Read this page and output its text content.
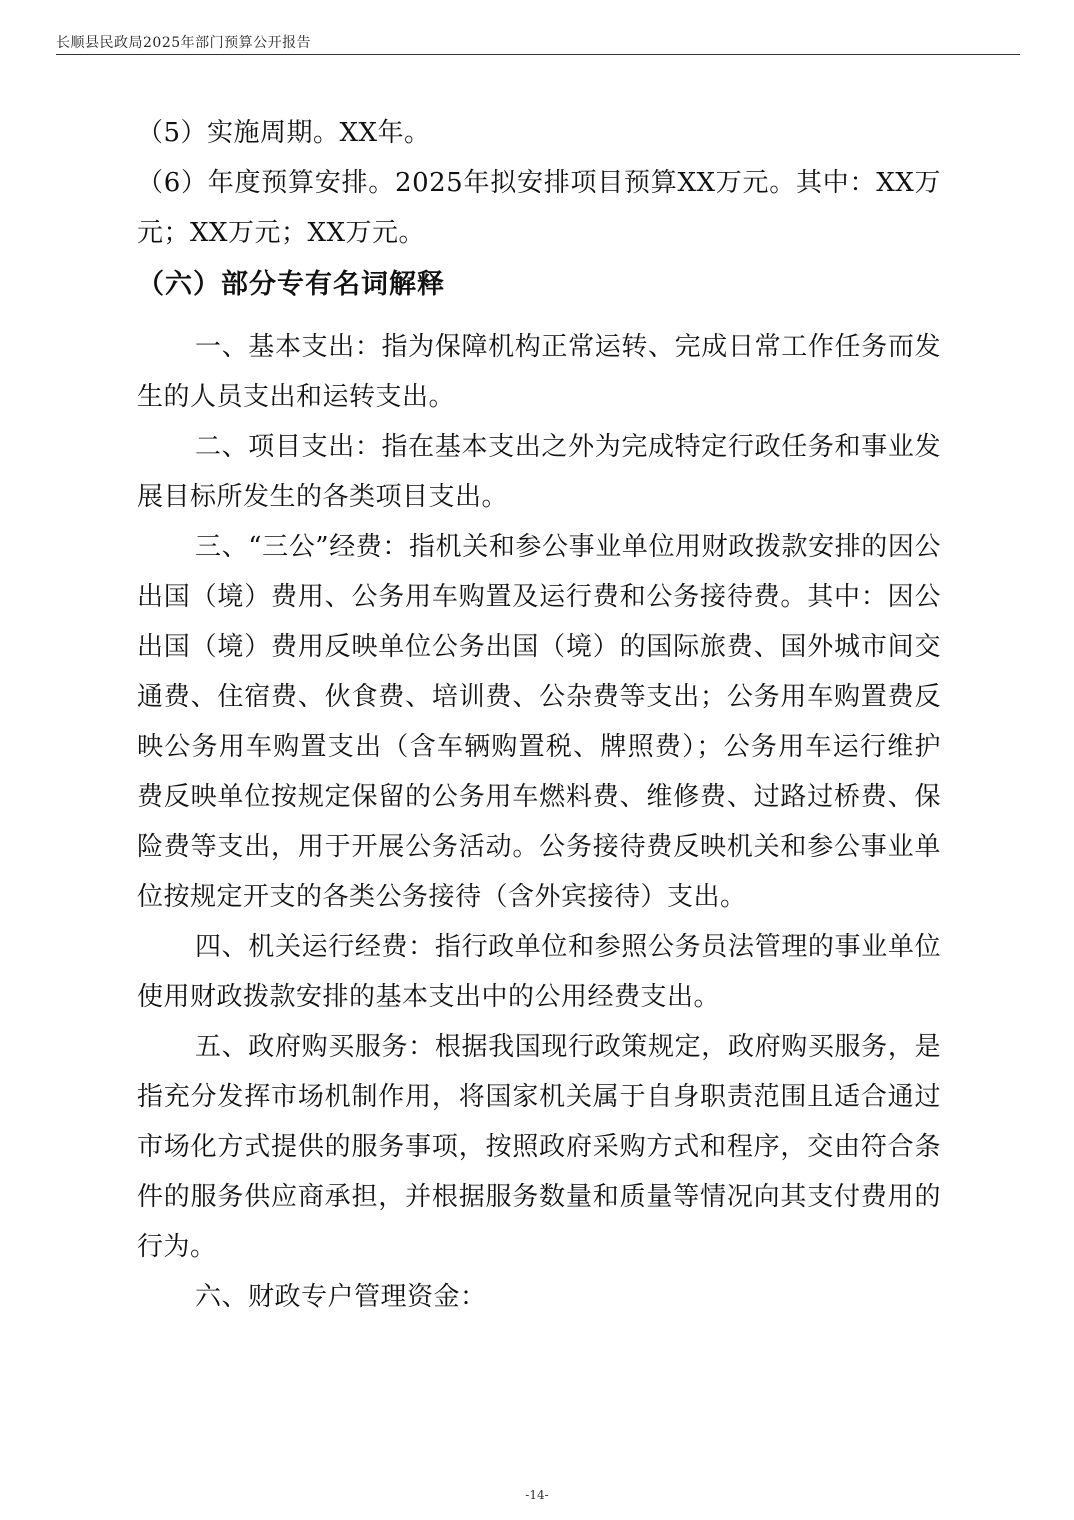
长顺县民政局2025年部门预算公开报告

（5）实施周期。XX年。

（6）年度预算安排。2025年拟安排项目预算XX万元。其中：XX万元；XX万元；XX万元。

（六）部分专有名词解释

一、基本支出：指为保障机构正常运转、完成日常工作任务而发生的人员支出和运转支出。

二、项目支出：指在基本支出之外为完成特定行政任务和事业发展目标所发生的各类项目支出。

三、“三公”经费：指机关和参公事业单位用财政拨款安排的因公出国（境）费用、公务用车购置及运行费和公务接待费。其中：因公出国（境）费用反映单位公务出国（境）的国际旅费、国外城市间交通费、住宿费、伙食费、培训费、公杂费等支出；公务用车购置费反映公务用车购置支出（含车辆购置税、牌照费）；公务用车运行维护费反映单位按规定保留的公务用车燃料费、维修费、过路过桥费、保险费等支出，用于开展公务活动。公务接待费反映机关和参公事业单位按规定开支的各类公务接待（含外宾接待）支出。

四、机关运行经费：指行政单位和参照公务员法管理的事业单位使用财政拨款安排的基本支出中的公用经费支出。

五、政府购买服务：根据我国现行政策规定，政府购买服务，是指充分发挥市场机制作用，将国家机关属于自身职责范围且适合通过市场化方式提供的服务事项，按照政府采购方式和程序，交由符合条件的服务供应商承担，并根据服务数量和质量等情况向其支付费用的行为。

六、财政专户管理资金：

-14-
